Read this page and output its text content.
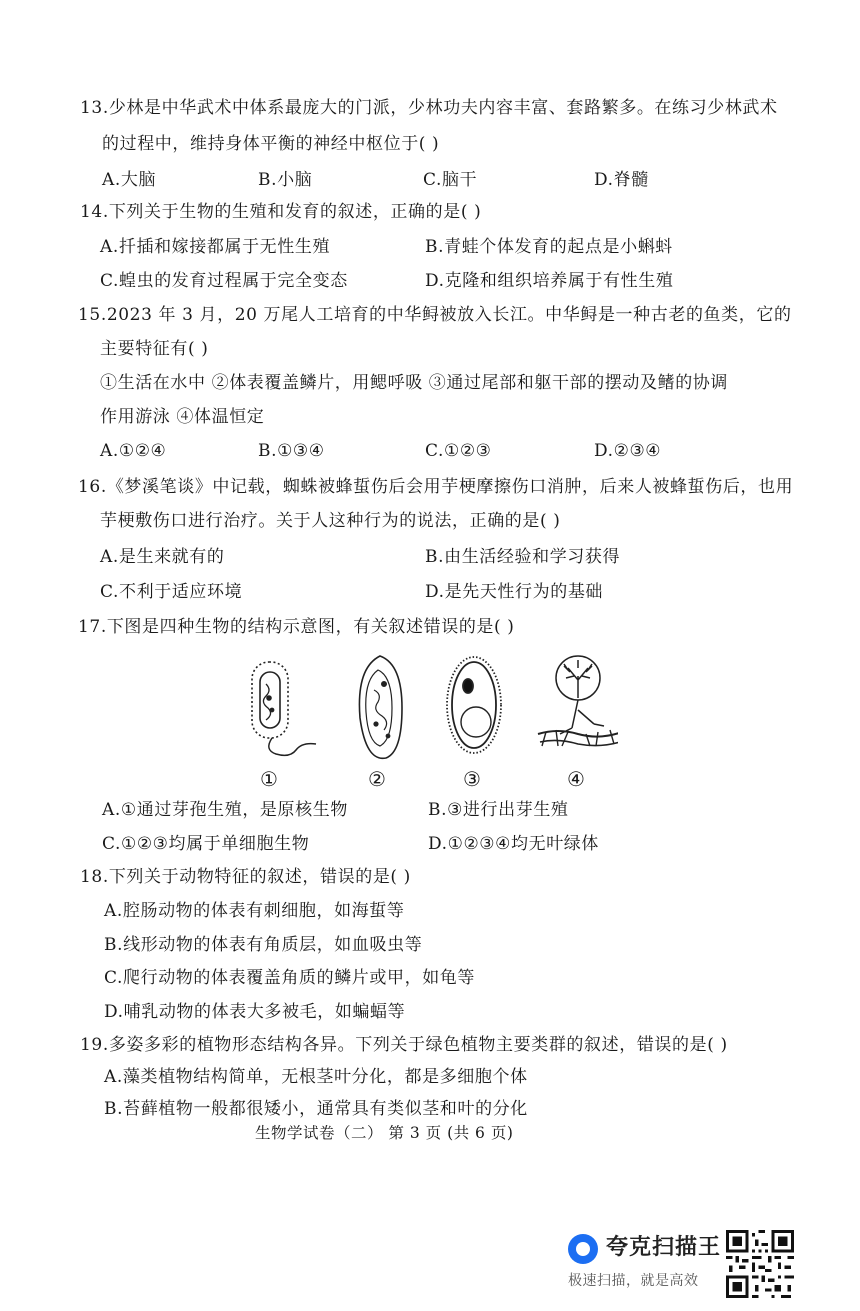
13.少林是中华武术中体系最庞大的门派，少林功夫内容丰富、套路繁多。在练习少林武术
的过程中，维持身体平衡的神经中枢位于( )
A.大脑	B.小脑	C.脑干	D.脊髓
14.下列关于生物的生殖和发育的叙述，正确的是( )
A.扦插和嫁接都属于无性生殖	B.青蛙个体发育的起点是小蝌蚪
C.蝗虫的发育过程属于完全变态	D.克隆和组织培养属于有性生殖
15.2023 年 3 月，20 万尾人工培育的中华鲟被放入长江。中华鲟是一种古老的鱼类，它的
主要特征有( )
①生活在水中 ②体表覆盖鳞片，用鳃呼吸 ③通过尾部和躯干部的摆动及鳍的协调
作用游泳 ④体温恒定
A.①②④	B.①③④	C.①②③	D.②③④
16.《梦溪笔谈》中记载，蜘蛛被蜂蜇伤后会用芋梗摩擦伤口消肿，后来人被蜂蜇伤后，也用
芋梗敷伤口进行治疗。关于人这种行为的说法，正确的是( )
A.是生来就有的	B.由生活经验和学习获得
C.不利于适应环境	D.是先天性行为的基础
17.下图是四种生物的结构示意图，有关叙述错误的是( )
①	②	③	④
A.①通过芽孢生殖，是原核生物	B.③进行出芽生殖
C.①②③均属于单细胞生物	D.①②③④均无叶绿体
18.下列关于动物特征的叙述，错误的是( )
A.腔肠动物的体表有刺细胞，如海蜇等
B.线形动物的体表有角质层，如血吸虫等
C.爬行动物的体表覆盖角质的鳞片或甲，如龟等
D.哺乳动物的体表大多被毛，如蝙蝠等
19.多姿多彩的植物形态结构各异。下列关于绿色植物主要类群的叙述，错误的是( )
A.藻类植物结构简单，无根茎叶分化，都是多细胞个体
B.苔藓植物一般都很矮小，通常具有类似茎和叶的分化
生物学试卷（二） 第 3 页 (共 6 页)
夸克扫描王
极速扫描，就是高效
